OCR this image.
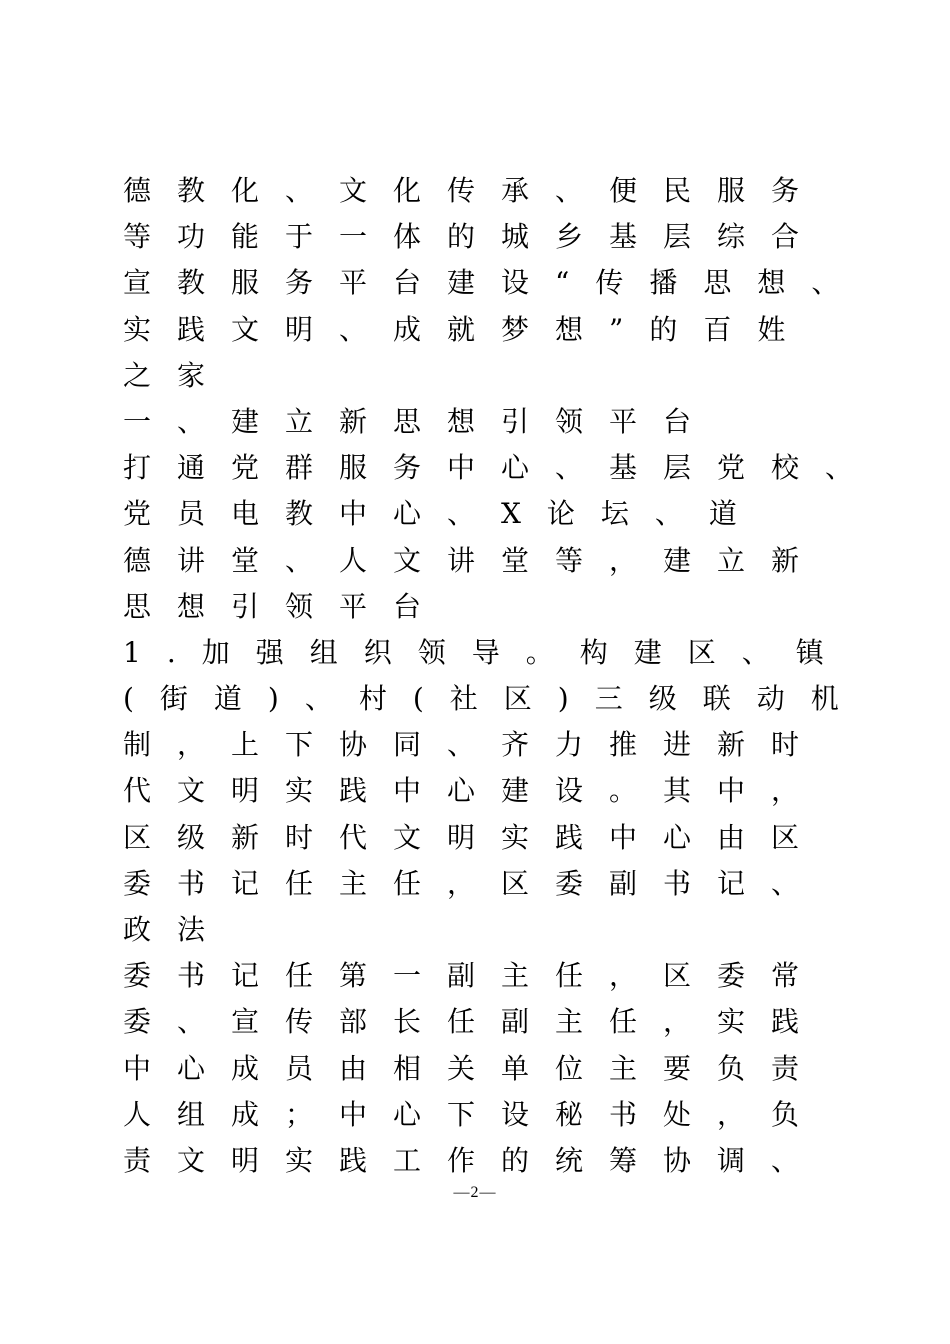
德教化、文化传承、便民服务
等功能于一体的城乡基层综合
宣教服务平台建设“传播思想、
实践文明、成就梦想”的百姓
之家
一、建立新思想引领平台
打通党群服务中心、基层党校、
党员电教中心、X论坛、道
德讲堂、人文讲堂等，建立新
思想引领平台
1.加强组织领导。构建区、镇
(街道)、村(社区)三级联动机
制，上下协同、齐力推进新时
代文明实践中心建设。其中，
区级新时代文明实践中心由区
委书记任主任，区委副书记、
政法
委书记任第一副主任，区委常
委、宣传部长任副主任，实践
中心成员由相关单位主要负责
人组成；中心下设秘书处，负
责文明实践工作的统筹协调、
—2—
